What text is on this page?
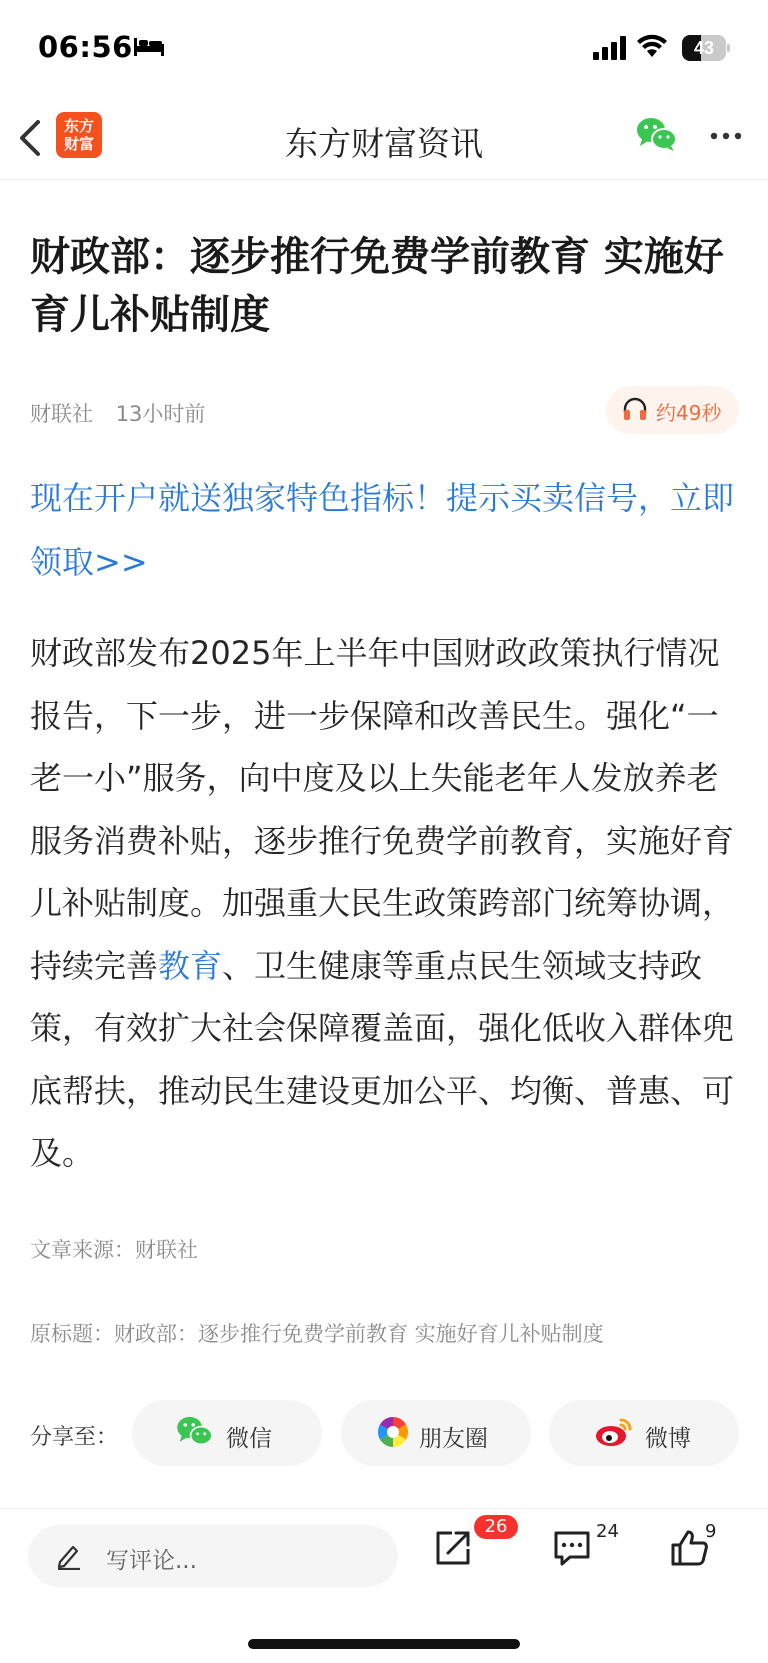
06:56	43
东方
财富	东方财富资讯
财政部：逐步推行免费学前教育 实施好育儿补贴制度
财联社 13小时前	约49秒
现在开户就送独家特色指标！提示买卖信号，立即领取>>
财政部发布2025年上半年中国财政政策执行情况报告，下一步，进一步保障和改善民生。强化“一老一小”服务，向中度及以上失能老年人发放养老服务消费补贴，逐步推行免费学前教育，实施好育儿补贴制度。加强重大民生政策跨部门统筹协调，持续完善教育、卫生健康等重点民生领域支持政策，有效扩大社会保障覆盖面，强化低收入群体兜底帮扶，推动民生建设更加公平、均衡、普惠、可及。
文章来源：财联社
原标题：财政部：逐步推行免费学前教育 实施好育儿补贴制度
分享至：	微信	朋友圈	微博
写评论...
26	24	9
